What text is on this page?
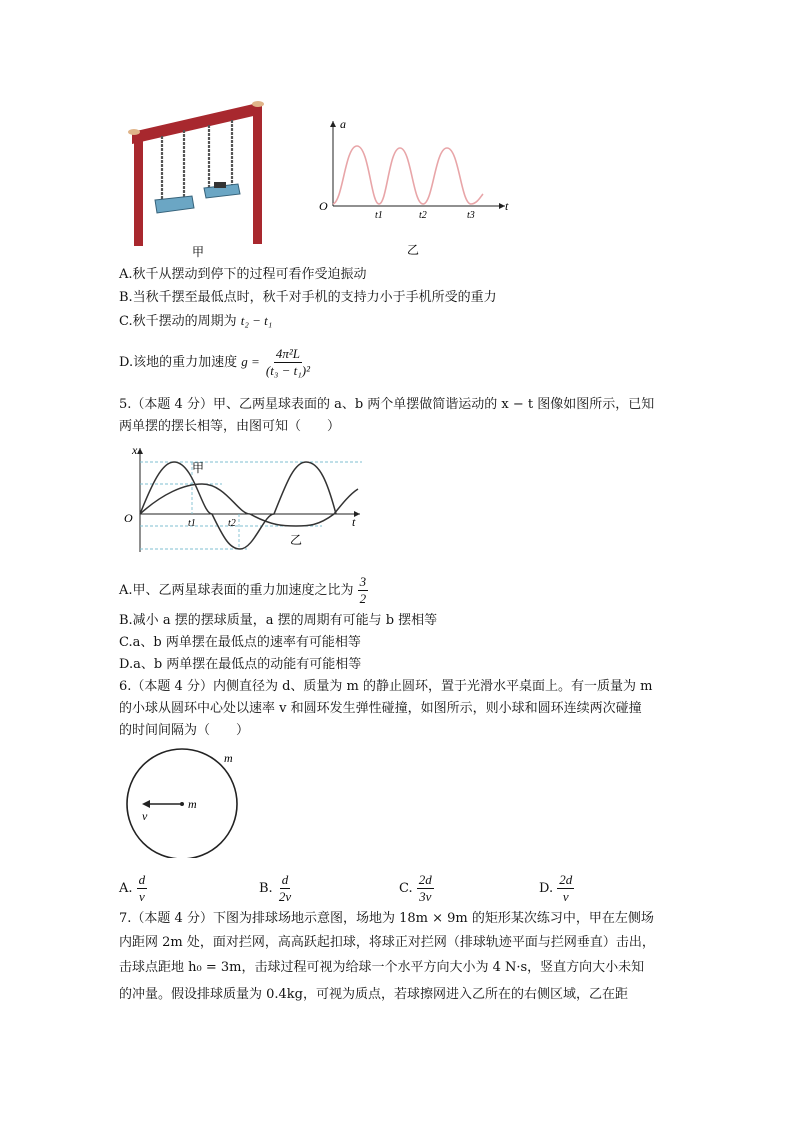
甲
a
t
O
t1	t2	t3
乙
A.秋千从摆动到停下的过程可看作受迫振动
B.当秋千摆至最低点时，秋千对手机的支持力小于手机所受的重力
C.秋千摆动的周期为 t₂ − t₁
D.该地的重力加速度 $g = \frac{\text{4π²L}}{\text{(t₃ − t₁)²}}$
5.（本题 4 分）甲、乙两星球表面的 a、b 两个单摆做简谐运动的 x − t 图像如图所示，已知
两单摆的摆长相等，由图可知（　　）
x
t
O	t1	t2
甲
乙
A.甲、乙两星球表面的重力加速度之比为 $\frac{3}{2}$
B.减小 a 摆的摆球质量，a 摆的周期有可能与 b 摆相等
C.a、b 两单摆在最低点的速率有可能相等
D.a、b 两单摆在最低点的动能有可能相等
6.（本题 4 分）内侧直径为 d、质量为 m 的静止圆环，置于光滑水平桌面上。有一质量为 m
的小球从圆环中心处以速率 v 和圆环发生弹性碰撞，如图所示，则小球和圆环连续两次碰撞
的时间间隔为（　　）
m
m
v
A. $\frac{d}{v}$	B. $\frac{d}{2v}$	C. $\frac{2d}{3v}$	D. $\frac{2d}{v}$
7.（本题 4 分）下图为排球场地示意图，场地为 18m × 9m 的矩形某次练习中，甲在左侧场
内距网 2m 处，面对拦网，高高跃起扣球，将球正对拦网（排球轨迹平面与拦网垂直）击出，
击球点距地 h₀ = 3m，击球过程可视为给球一个水平方向大小为 4 N·s，竖直方向大小未知
的冲量。假设排球质量为 0.4kg，可视为质点，若球擦网进入乙所在的右侧区域，乙在距
